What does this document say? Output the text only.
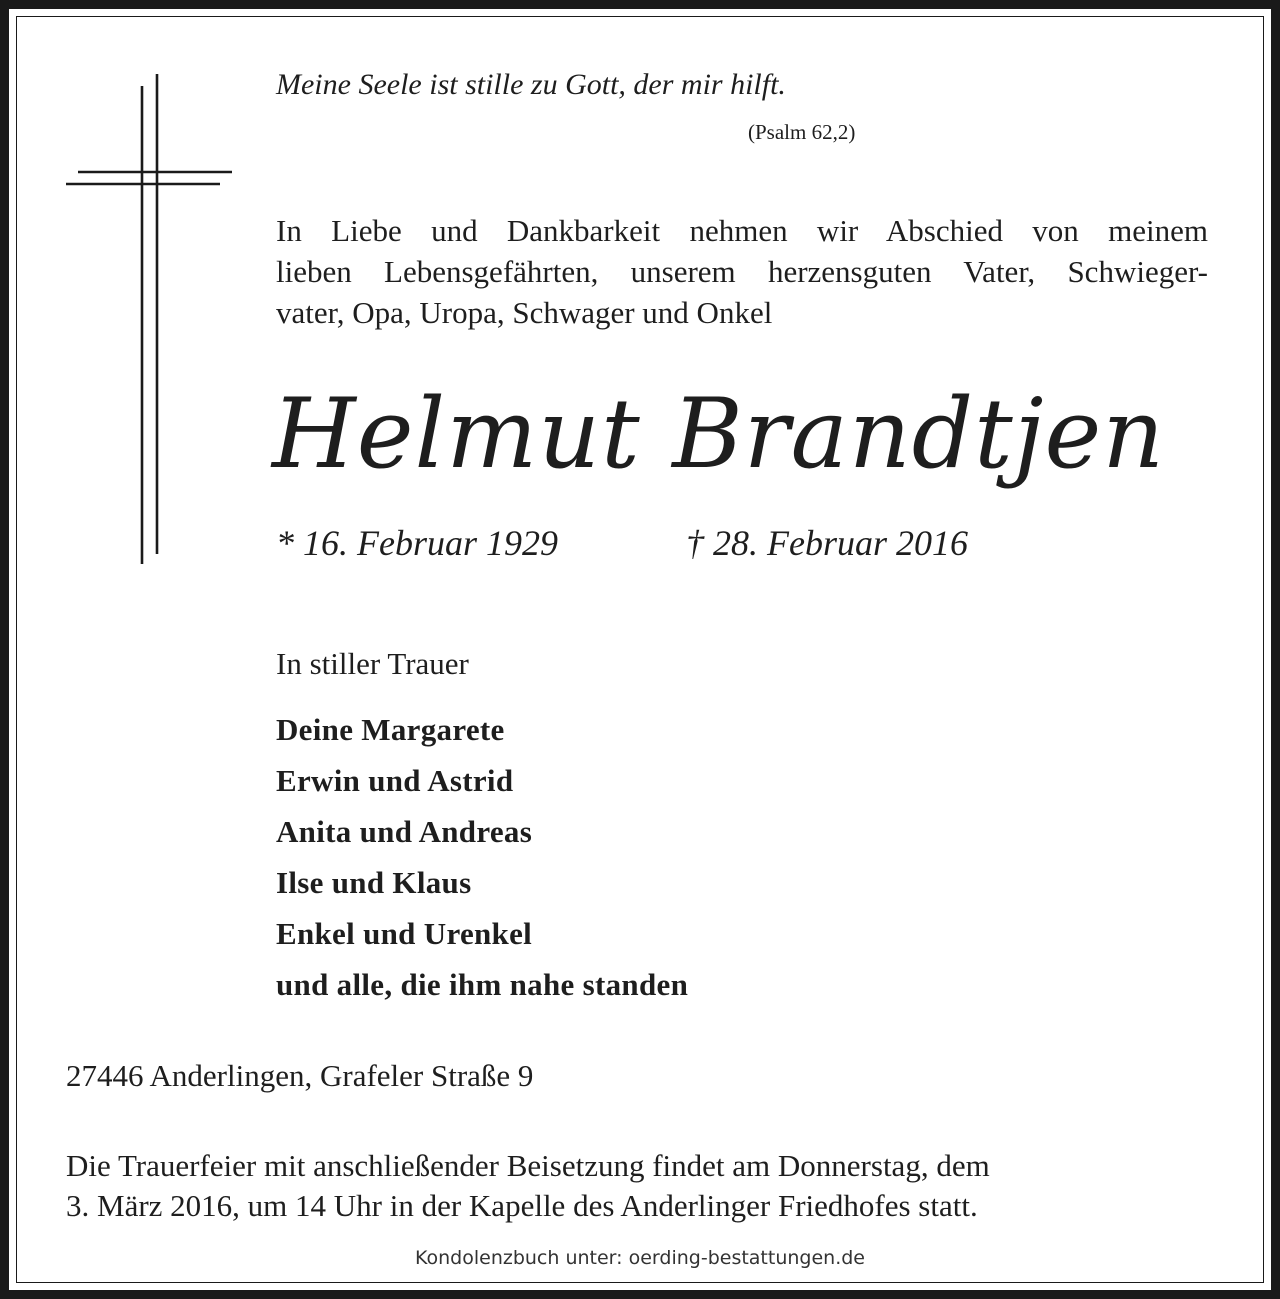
Meine Seele ist stille zu Gott, der mir hilft.
(Psalm 62,2)
In Liebe und Dankbarkeit nehmen wir Abschied von meinem
lieben Lebensgefährten, unserem herzensguten Vater, Schwieger-
vater, Opa, Uropa, Schwager und Onkel
Helmut Brandtjen
* 16. Februar 1929	† 28. Februar 2016
In stiller Trauer
Deine Margarete
Erwin und Astrid
Anita und Andreas
Ilse und Klaus
Enkel und Urenkel
und alle, die ihm nahe standen
27446 Anderlingen, Grafeler Straße 9
Die Trauerfeier mit anschließender Beisetzung findet am Donnerstag, dem
3. März 2016, um 14 Uhr in der Kapelle des Anderlinger Friedhofes statt.
Kondolenzbuch unter: oerding-bestattungen.de
